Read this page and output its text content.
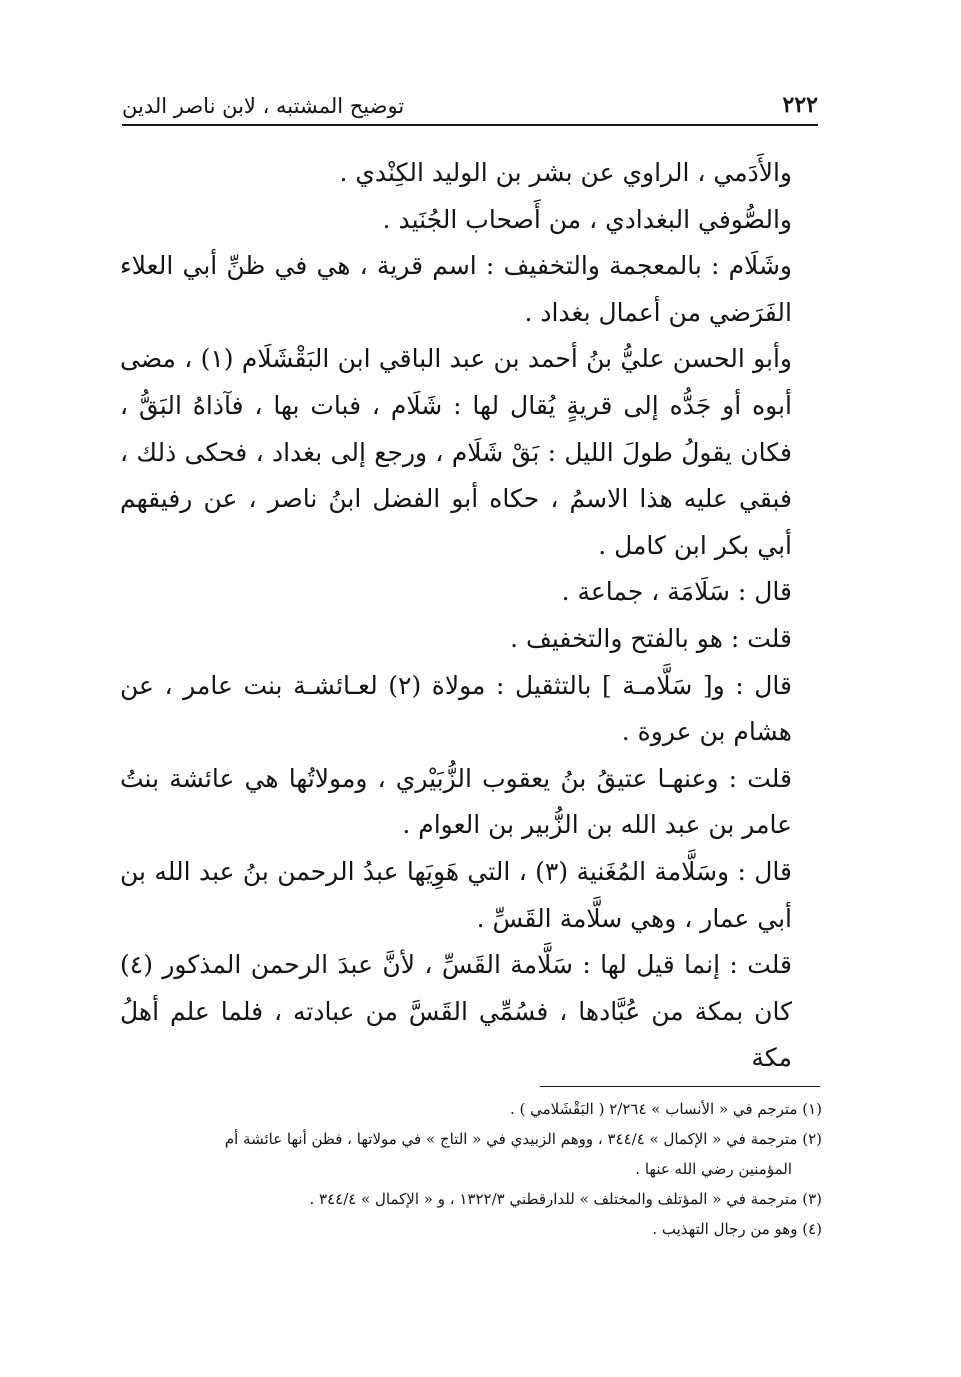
٢٢٢
توضيح المشتبه ، لابن ناصر الدين

والأَدَمي ، الراوي عن بشر بن الوليد الكِنْدي .

والصُّوفي البغدادي ، من أَصحاب الجُنَيد .

وشَلَام : بالمعجمة والتخفيف : اسم قرية ، هي في ظنِّ أبي العلاء الفَرَضي من أعمال بغداد .

وأبو الحسن عليُّ بنُ أحمد بن عبد الباقي ابن البَقْشَلَام (١) ، مضى أبوه أو جَدُّه إلى قريةٍ يُقال لها : شَلَام ، فبات بها ، فآذاهُ البَقُّ ، فكان يقولُ طولَ الليل : بَقْ شَلَام ، ورجع إلى بغداد ، فحكى ذلك ، فبقي عليه هذا الاسمُ ، حكاه أبو الفضل ابنُ ناصر ، عن رفيقهم أبي بكر ابن كامل .

قال : سَلَامَة ، جماعة .

قلت : هو بالفتح والتخفيف .

قال : و[ سَلَّامـة ] بالتثقيل : مولاة (٢) لعـائشـة بنت عامر ، عن هشام بن عروة .

قلت : وعنهـا عتيقُ بنُ يعقوب الزُّبَيْري ، ومولاتُها هي عائشة بنتُ عامر بن عبد الله بن الزُّبير بن العوام .

قال : وسَلَّامة المُغَنية (٣) ، التي هَوِيَها عبدُ الرحمن بنُ عبد الله بن أبي عمار ، وهي سلَّامة القَسِّ .

قلت : إنما قيل لها : سَلَّامة القَسِّ ، لأنَّ عبدَ الرحمن المذكور (٤) كان بمكة من عُبَّادها ، فسُمِّي القَسَّ من عبادته ، فلما علم أهلُ مكة

(١) مترجم في « الأنساب » ٢/٢٦٤ ( البَقْشَلامي ) .

(٢) مترجمة في « الإكمال » ٣٤٤/٤ ، ووهم الزبيدي في « التاج » في مولاتها ، فظن أنها عائشة أم

المؤمنين رضي الله عنها .

(٣) مترجمة في « المؤتلف والمختلف » للدارقطني ١٣٢٢/٣ ، و « الإكمال » ٣٤٤/٤ .

(٤) وهو من رجال التهذيب .
